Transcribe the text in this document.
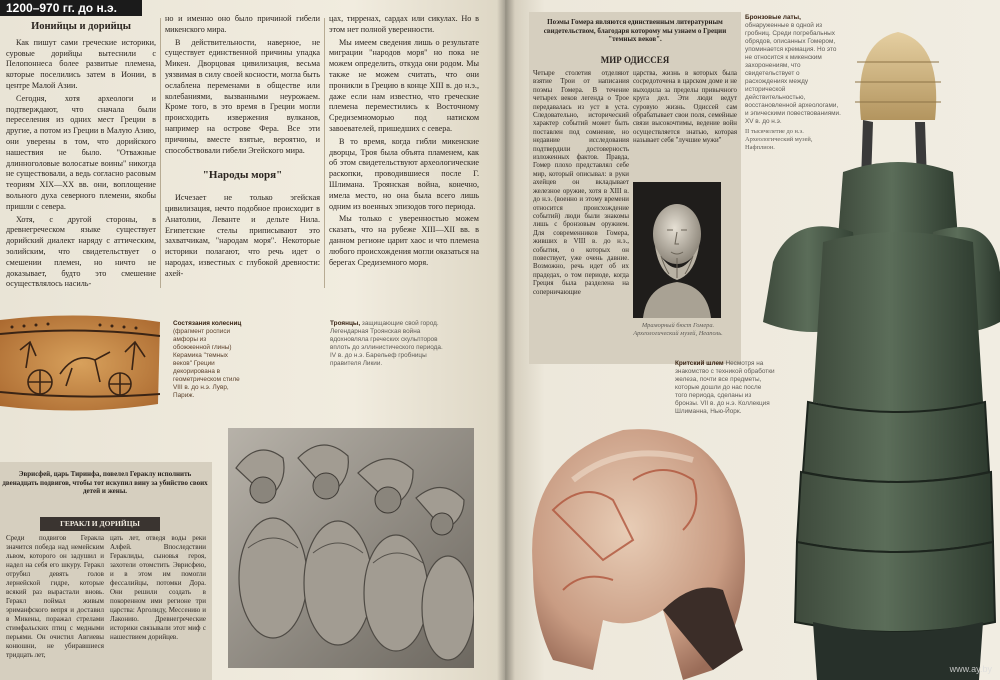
1200–970 гг. до н.э.
Ионийцы и дорийцы

Как пишут сами греческие историки, суровые дорийцы вытеснили с Пелопоннеса более развитые племена, которые поселились затем в Ионии, в центре Малой Азии.

Сегодня, хотя археологи и подтверждают, что сначала были переселения из одних мест Греции в другие, а потом из Греции в Малую Азию, они уверены в том, что дорийского нашествия не было. "Отважные длинноголовые волосатые воины" никогда не существовали, а ведь согласно расовым теориям XIX—XX вв. они, воплощение вольного духа северного племени, якобы пришли с севера.

Хотя, с другой стороны, в древнегреческом языке существует дорийский диалект наряду с аттическим, эолийским, что свидетельствует о смешении племен, но ничто не доказывает, будто это смешение осуществлялось насиль-

но и именно оно было причиной гибели микенского мира.

В действительности, наверное, не существует единственной причины упадка Микен. Дворцовая цивилизация, весьма уязвимая в силу своей косности, могла быть ослаблена переменами в обществе или колебаниями, вызванными неурожаем. Кроме того, в это время в Греции могли происходить извержения вулканов, например на острове Фера. Все эти причины, вместе взятые, вероятно, и способствовали гибели Эгейского мира.

"Народы моря"

Исчезает не только эгейская цивилизация, нечто подобное происходит в Анатолии, Леванте и дельте Нила. Египетские стелы приписывают это захватчикам, "народам моря". Некоторые историки полагают, что речь идет о народах, известных с глубокой древности: ахей-

цах, тирренах, сардах или сикулах. Но в этом нет полной уверенности.

Мы имеем сведения лишь о результате миграции "народов моря" но пока не можем определить, откуда они родом. Мы также не можем считать, что они проникли в Грецию в конце XIII в. до н.э., даже если нам известно, что греческие племена переместились к Восточному Средиземноморью под натиском завоевателей, пришедших с севера.

В то время, когда гибли микенские дворцы, Троя была объята пламенем, как об этом свидетельствуют археологические раскопки, проводившиеся после Г. Шлимана. Троянская война, конечно, имела место, но она была всего лишь одним из военных эпизодов того периода.

Мы только с уверенностью можем сказать, что на рубеже XIII—XII вв. в данном регионе царит хаос и что племена любого происхождения могли оказаться на берегах Средиземного моря.

Состязания колесниц (фрагмент росписи амфоры из обожженной глины) Керамика "темных веков" Греции декорирована в геометрическом стиле VIII в. до н.э. Лувр, Париж.
Троянцы, защищающие свой город. Легендарная Троянская война вдохновляла греческих скульпторов вплоть до эллинистического периода. IV в. до н.э. Барельеф гробницы правителя Ликии.
Эврисфей, царь Тиринфа, повелел Гераклу исполнить двенадцать подвигов, чтобы тот искупил вину за убийство своих детей и жены.
ГЕРАКЛ И ДОРИЙЦЫ
Среди подвигов Геракла значится победа над немейским львом, которого он задушил и надел на себя его шкуру. Геракл отрубил девять голов лернейской гидре, которые всякий раз вырастали вновь. Геракл поймал живым эриманфского вепря и доставил в Микены, поражал стрелами стимфальских птиц с медными перьями. Он очистил Авгиевы конюшни, не убиравшиеся тридцать лет,
цать лет, отведя воды реки Алфей. Впоследствии Гераклиды, сыновья героя, захотели отомстить Эврисфею, и в этом им помогли фессалийцы, потомки Дора. Они решили создать в покоренном ими регионе три царства: Арголиду, Мессению и Лаконию. Древнегреческие историки связывали этот миф с нашествием дорийцев.
Поэмы Гомера являются единственным литературным свидетельством, благодаря которому мы узнаем о Греции "темных веков".
МИР ОДИССЕЯ
Четыре столетия отделяют взятие Трои от написания поэмы Гомера. В течение четырех веков легенда о Трое передавалась из уст в уста. Следовательно, исторический характер событий может быть поставлен под сомнение, но недавние исследования подтвердили достоверность изложенных фактов. Правда, Гомер плохо представлял себе мир, который описывал: в руки ахейцев он вкладывает железное оружие, хотя в XIII в. до н.э. (военно и этому времени относится происхождение событий) люди были знакомы лишь с бронзовым оружием. Для современников Гомера, живших в VIII в. до н.э., события, о которых он повествует, уже очень давние. Возможно, речь идет об их прадедах, о том периоде, когда Греция была разделена на соперничающие
царства, жизнь в которых была сосредоточена в царском доме и не выходила за пределы привычного круга дел. Эти люди ведут суровую жизнь. Одиссей сам обрабатывает свои поля, семейные связи высокочтимы, ведение войн осуществляется знатью, которая называет себя "лучшие мужи"
Мраморный бюст Гомера. Археологический музей, Неаполь.
Критский шлем Несмотря на знакомство с техникой обработки железа, почти все предметы, которые дошли до нас после того периода, сделаны из бронзы. VII в. до н.э. Коллекция Шлиманна, Нью-Йорк.
Бронзовые латы, обнаруженные в одной из гробниц. Среди погребальных обрядов, описанных Гомером, упоминается кремация. Но это не относится к микенским захоронениям, что свидетельствует о расхождениях между исторической действительностью, восстановленной археологами, и эпическими повествованиями. XV в. до н.э.
II тысячелетие до н.э. Археологический музей, Нафплион.
www.ay.by
